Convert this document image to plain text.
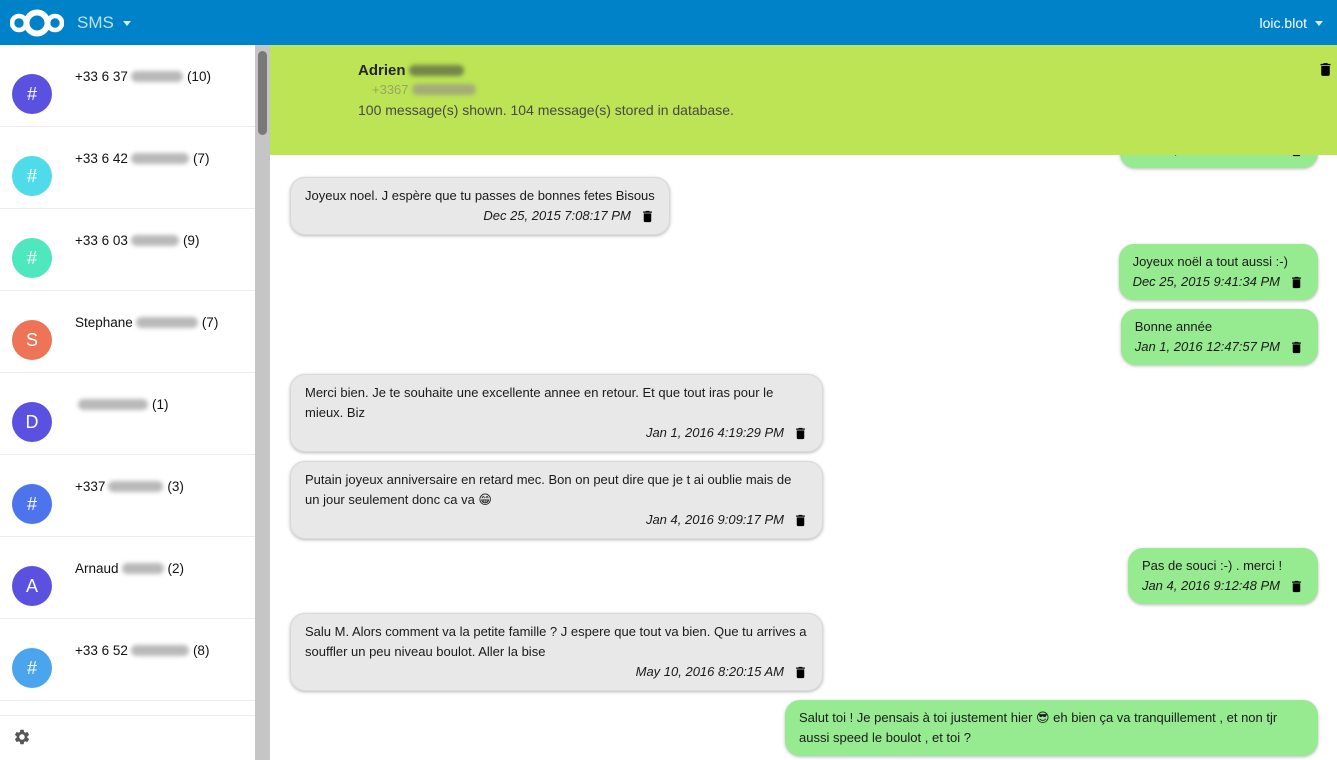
SMS	loic.blot
#
+33 6 37	(10)
#
+33 6 42	(7)
#
+33 6 03	(9)
S
Stephane	(7)
D
(1)
#
+337	(3)
A
Arnaud	(2)
#
+33 6 52	(8)
Joyeux noel. J espère que tu passes de bonnes fetes Bisous
Dec 25, 2015 7:08:17 PM
Joyeux noël a tout aussi :-)
Dec 25, 2015 9:41:34 PM
Bonne année
Jan 1, 2016 12:47:57 PM
Merci bien. Je te souhaite une excellente annee en retour. Et que tout iras pour le mieux. Biz
Jan 1, 2016 4:19:29 PM
Putain joyeux anniversaire en retard mec. Bon on peut dire que je t ai oublie mais de un jour seulement donc ca va 😁
Jan 4, 2016 9:09:17 PM
Pas de souci :-) . merci !
Jan 4, 2016 9:12:48 PM
Salu M. Alors comment va la petite famille ? J espere que tout va bien. Que tu arrives a souffler un peu niveau boulot. Aller la bise
May 10, 2016 8:20:15 AM
Salut toi ! Je pensais à toi justement hier 😎 eh bien ça va tranquillement , et non tjr aussi speed le boulot , et toi ?
Adrien
+3367
100 message(s) shown. 104 message(s) stored in database.
